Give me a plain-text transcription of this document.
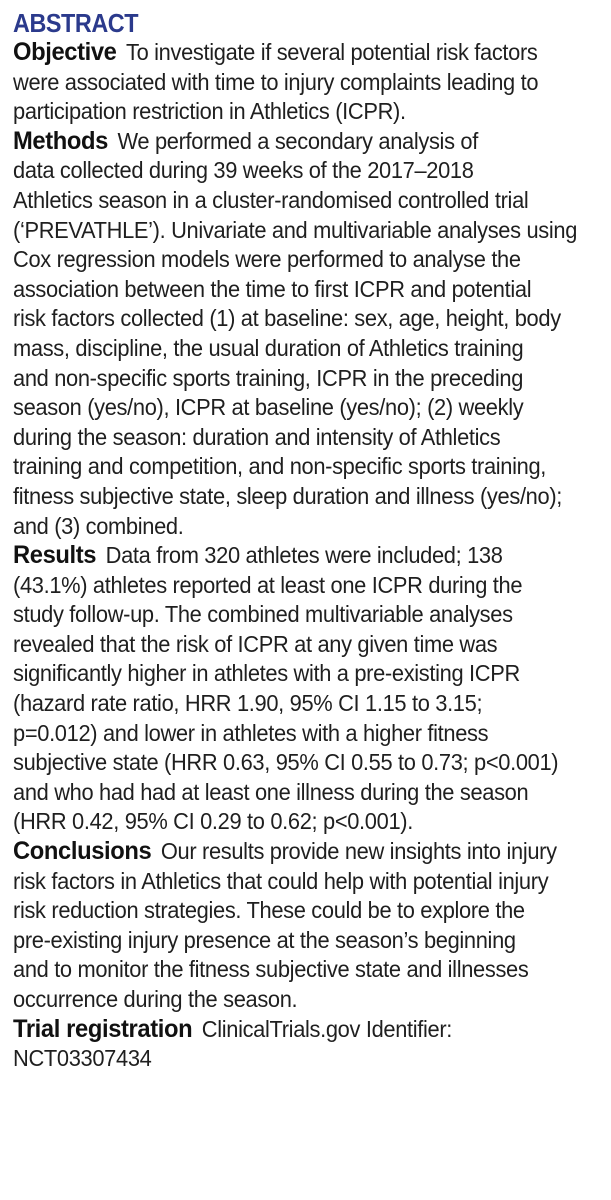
ABSTRACT
Objective To investigate if several potential risk factors
were associated with time to injury complaints leading to
participation restriction in Athletics (ICPR).
Methods We performed a secondary analysis of
data collected during 39 weeks of the 2017–2018
Athletics season in a cluster-randomised controlled trial
(‘PREVATHLE’). Univariate and multivariable analyses using
Cox regression models were performed to analyse the
association between the time to first ICPR and potential
risk factors collected (1) at baseline: sex, age, height, body
mass, discipline, the usual duration of Athletics training
and non-specific sports training, ICPR in the preceding
season (yes/no), ICPR at baseline (yes/no); (2) weekly
during the season: duration and intensity of Athletics
training and competition, and non-specific sports training,
fitness subjective state, sleep duration and illness (yes/no);
and (3) combined.
Results Data from 320 athletes were included; 138
(43.1%) athletes reported at least one ICPR during the
study follow-up. The combined multivariable analyses
revealed that the risk of ICPR at any given time was
significantly higher in athletes with a pre-existing ICPR
(hazard rate ratio, HRR 1.90, 95% CI 1.15 to 3.15;
p=0.012) and lower in athletes with a higher fitness
subjective state (HRR 0.63, 95% CI 0.55 to 0.73; p<0.001)
and who had had at least one illness during the season
(HRR 0.42, 95% CI 0.29 to 0.62; p<0.001).
Conclusions Our results provide new insights into injury
risk factors in Athletics that could help with potential injury
risk reduction strategies. These could be to explore the
pre-existing injury presence at the season’s beginning
and to monitor the fitness subjective state and illnesses
occurrence during the season.
Trial registration ClinicalTrials.gov Identifier:
NCT03307434
